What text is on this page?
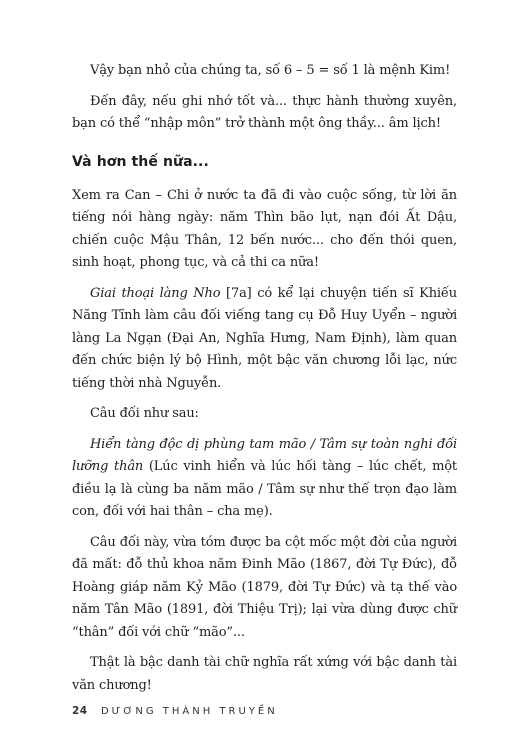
Vậy bạn nhỏ của chúng ta, số 6 – 5 = số 1 là mệnh Kim!

Đến đây, nếu ghi nhớ tốt và... thực hành thường xuyên, bạn có thể “nhập môn” trở thành một ông thầy... âm lịch!

Và hơn thế nữa...

Xem ra Can – Chi ở nước ta đã đi vào cuộc sống, từ lời ăn tiếng nói hàng ngày: năm Thìn bão lụt, nạn đói Ất Dậu, chiến cuộc Mậu Thân, 12 bến nước... cho đến thói quen, sinh hoạt, phong tục, và cả thi ca nữa!

Giai thoại làng Nho [7a] có kể lại chuyện tiến sĩ Khiếu Năng Tĩnh làm câu đối viếng tang cụ Đỗ Huy Uyển – người làng La Ngạn (Đại An, Nghĩa Hưng, Nam Định), làm quan đến chức biện lý bộ Hình, một bậc văn chương lỗi lạc, nức tiếng thời nhà Nguyễn.

Câu đối như sau:

Hiển tàng độc dị phùng tam mão / Tâm sự toàn nghi đối lưỡng thân (Lúc vinh hiển và lúc hối tàng – lúc chết, một điều lạ là cùng ba năm mão / Tâm sự như thế trọn đạo làm con, đối với hai thân – cha mẹ).

Câu đối này, vừa tóm được ba cột mốc một đời của người đã mất: đỗ thủ khoa năm Đinh Mão (1867, đời Tự Đức), đỗ Hoàng giáp năm Kỷ Mão (1879, đời Tự Đức) và tạ thế vào năm Tân Mão (1891, đời Thiệu Trị); lại vừa dùng được chữ “thân” đối với chữ “mão”...

Thật là bậc danh tài chữ nghĩa rất xứng với bậc danh tài văn chương!

24 DƯƠNG THÀNH TRUYỀN
